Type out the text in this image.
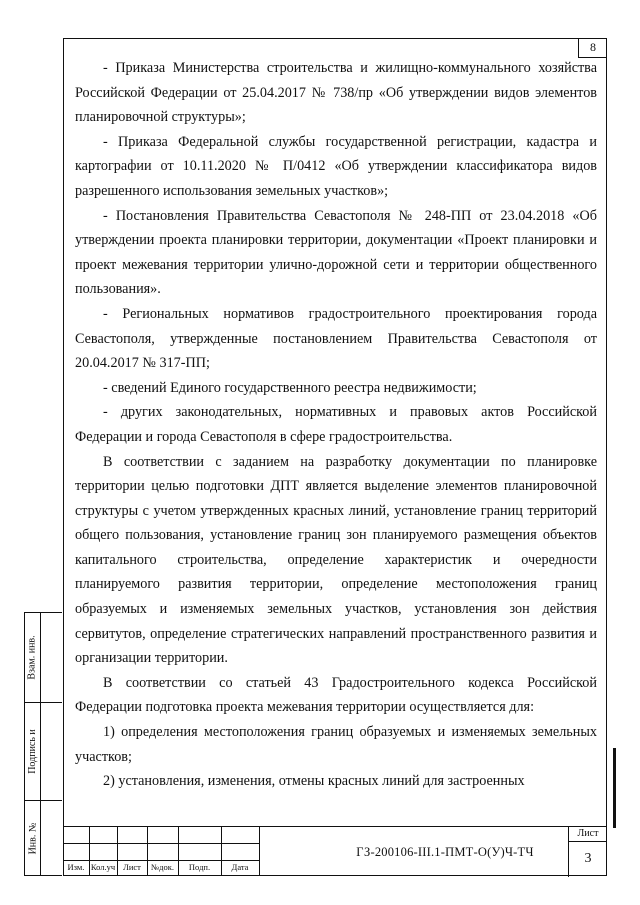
8

- Приказа Министерства строительства и жилищно-коммунального хозяйства Российской Федерации от 25.04.2017 № 738/пр «Об утверждении видов элементов планировочной структуры»;

- Приказа Федеральной службы государственной регистрации, кадастра и картографии от 10.11.2020 № П/0412 «Об утверждении классификатора видов разрешенного использования земельных участков»;

- Постановления Правительства Севастополя № 248-ПП от 23.04.2018 «Об утверждении проекта планировки территории, документации «Проект планировки и проект межевания территории улично-дорожной сети и территории общественного пользования».

- Региональных нормативов градостроительного проектирования города Севастополя, утвержденные постановлением Правительства Севастополя от 20.04.2017 № 317-ПП;

- сведений Единого государственного реестра недвижимости;

- других законодательных, нормативных и правовых актов Российской Федерации и города Севастополя в сфере градостроительства.

В соответствии с заданием на разработку документации по планировке территории целью подготовки ДПТ является выделение элементов планировочной структуры с учетом утвержденных красных линий, установление границ территорий общего пользования, установление границ зон планируемого размещения объектов капитального строительства, определение характеристик и очередности планируемого развития территории, определение местоположения границ образуемых и изменяемых земельных участков, установления зон действия сервитутов, определение стратегических направлений пространственного развития и организации территории.

В соответствии со статьей 43 Градостроительного кодекса Российской Федерации подготовка проекта межевания территории осуществляется для:

1) определения местоположения границ образуемых и изменяемых земельных участков;

2) установления, изменения, отмены красных линий для застроенных

Взам. инв.
Подпись и
Инв. №
Изм. Кол.уч Лист	№док.	Подп.	Дата
ГЗ-200106-III.1-ПМТ-О(У)Ч-ТЧ
Лист
3
